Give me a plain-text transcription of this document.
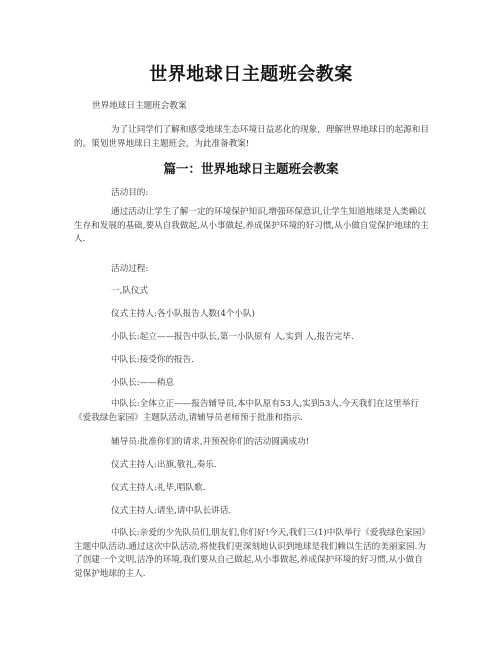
世界地球日主题班会教案
世界地球日主题班会教案
为了让同学们了解和感受地球生态环境日益恶化的现象，理解世界地球日的起源和目的。策划世界地球日主题班会，为此准备教案!
篇一：世界地球日主题班会教案
活动目的:
通过活动让学生了解一定的环境保护知识,增强环保意识,让学生知道地球是人类赖以生存和发展的基础,要从自我做起,从小事做起,养成保护环境的好习惯,从小做自觉保护地球的主人.
活动过程:
一,队仪式
仪式主持人:各小队报告人数(4个小队)
小队长:起立——报告中队长,第一小队原有 人,实到 人,报告完毕.
中队长:接受你的报告.
小队长:——稍息
中队长:全体立正——报告辅导员,本中队原有53人,实到53人.今天我们在这里举行《爱我绿色家园》主题队活动,请辅导员老师预于批准和指示.
辅导员:批准你们的请求,并预祝你们的活动圆满成功!
仪式主持人:出旗,敬礼,奏乐.
仪式主持人:礼毕,唱队歌.
仪式主持人:请坐,请中队长讲话.
中队长:亲爱的少先队员们,朋友们,你们好!今天,我们三(1)中队举行《爱我绿色家园》主题中队活动.通过这次中队活动,将使我们更深刻地认识到地球是我们赖以生活的美丽家园.为了创建一个文明,洁净的环境,我们要从自己做起,从小事做起,养成保护环境的好习惯,从小做自觉保护地球的主人.
